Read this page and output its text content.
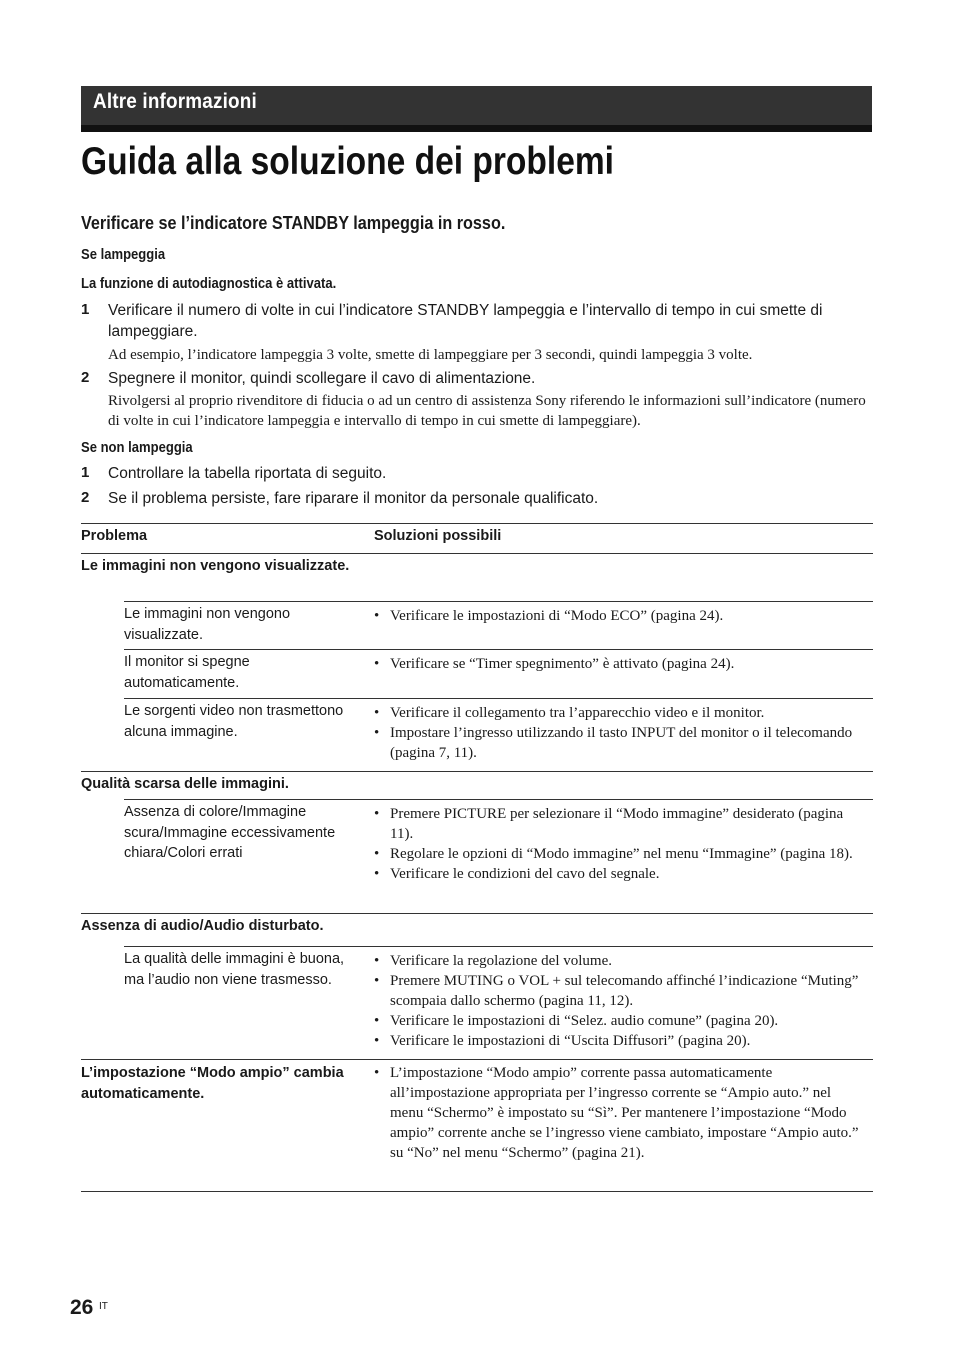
Altre informazioni
Guida alla soluzione dei problemi
Verificare se l’indicatore STANDBY lampeggia in rosso.
Se lampeggia
La funzione di autodiagnostica è attivata.
1 Verificare il numero di volte in cui l’indicatore STANDBY lampeggia e l’intervallo di tempo in cui smette di lampeggiare.
Ad esempio, l’indicatore lampeggia 3 volte, smette di lampeggiare per 3 secondi, quindi lampeggia 3 volte.
2 Spegnere il monitor, quindi scollegare il cavo di alimentazione.
Rivolgersi al proprio rivenditore di fiducia o ad un centro di assistenza Sony riferendo le informazioni sull’indicatore (numero di volte in cui l’indicatore lampeggia e intervallo di tempo in cui smette di lampeggiare).
Se non lampeggia
1 Controllare la tabella riportata di seguito.
2 Se il problema persiste, fare riparare il monitor da personale qualificato.
Problema	Soluzioni possibili
Le immagini non vengono visualizzate.
Le immagini non vengono visualizzate.
• Verificare le impostazioni di “Modo ECO” (pagina 24).
Il monitor si spegne automaticamente.
• Verificare se “Timer spegnimento” è attivato (pagina 24).
Le sorgenti video non trasmettono alcuna immagine.
• Verificare il collegamento tra l’apparecchio video e il monitor.
• Impostare l’ingresso utilizzando il tasto INPUT del monitor o il telecomando (pagina 7, 11).
Qualità scarsa delle immagini.
Assenza di colore/Immagine scura/Immagine eccessivamente chiara/Colori errati
• Premere PICTURE per selezionare il “Modo immagine” desiderato (pagina 11).
• Regolare le opzioni di “Modo immagine” nel menu “Immagine” (pagina 18).
• Verificare le condizioni del cavo del segnale.
Assenza di audio/Audio disturbato.
La qualità delle immagini è buona, ma l’audio non viene trasmesso.
• Verificare la regolazione del volume.
• Premere MUTING o VOL + sul telecomando affinché l’indicazione “Muting” scompaia dallo schermo (pagina 11, 12).
• Verificare le impostazioni di “Selez. audio comune” (pagina 20).
• Verificare le impostazioni di “Uscita Diffusori” (pagina 20).
L’impostazione “Modo ampio” cambia automaticamente.
• L’impostazione “Modo ampio” corrente passa automaticamente all’impostazione appropriata per l’ingresso corrente se “Ampio auto.” nel menu “Schermo” è impostato su “Sì”. Per mantenere l’impostazione “Modo ampio” corrente anche se l’ingresso viene cambiato, impostare “Ampio auto.” su “No” nel menu “Schermo” (pagina 21).
26 IT
